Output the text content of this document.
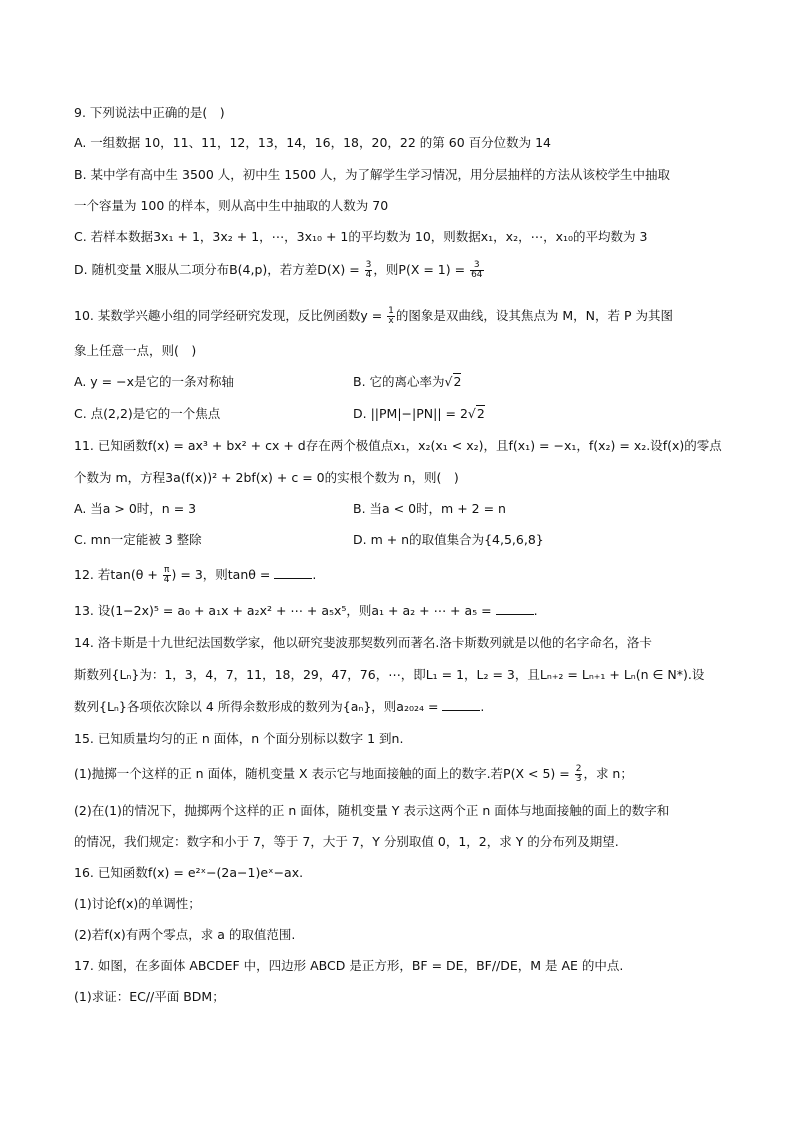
9. 下列说法中正确的是(　)
A. 一组数据 10，11、11，12，13，14，16，18，20，22 的第 60 百分位数为 14
B. 某中学有高中生 3500 人，初中生 1500 人，为了解学生学习情况，用分层抽样的方法从该校学生中抽取
一个容量为 100 的样本，则从高中生中抽取的人数为 70
C. 若样本数据3x₁ + 1，3x₂ + 1，⋯，3x₁₀ + 1的平均数为 10，则数据x₁，x₂，⋯，x₁₀的平均数为 3
D. 随机变量 X服从二项分布B(4,p)，若方差$D(X) = \frac{3}{4}$ ，则$P(X = 1) = \frac{3}{64}$
10. 某数学兴趣小组的同学经研究发现，反比例函数$y = \frac{1}{x}$ 的图象是双曲线，设其焦点为 M，N，若 P 为其图
象上任意一点，则(　)
A. y = −x是它的一条对称轴	B. 它的离心率为√2
C. 点(2,2)是它的一个焦点	D. ||PM|−|PN|| = 2√2
11. 已知函数f(x) = ax³ + bx² + cx + d存在两个极值点x₁，x₂(x₁ < x₂)，且f(x₁) = −x₁，f(x₂) = x₂.设f(x)的零点
个数为 m，方程3a(f(x))² + 2bf(x) + c = 0的实根个数为 n，则(　)
A. 当a > 0时，n = 3	B. 当a < 0时，m + 2 = n
C. mn一定能被 3 整除	D. m + n的取值集合为{4,5,6,8}
12. 若$\tan(\theta + \frac{\pi}{4}$ ) = 3，则tanθ =	.
13. 设(1−2x)⁵ = a₀ + a₁x + a₂x² + ⋯ + a₅x⁵，则a₁ + a₂ + ⋯ + a₅ =	.
14. 洛卡斯是十九世纪法国数学家，他以研究斐波那契数列而著名.洛卡斯数列就是以他的名字命名，洛卡
斯数列{Lₙ}为：1，3，4，7，11，18，29，47，76，⋯，即L₁ = 1，L₂ = 3，且Lₙ₊₂ = Lₙ₊₁ + Lₙ(n ∈ N*).设
数列{Lₙ}各项依次除以 4 所得余数形成的数列为{aₙ}，则a₂₀₂₄ =	.
15. 已知质量均匀的正 n 面体，n 个面分别标以数字 1 到n.
(1)抛掷一个这样的正 n 面体，随机变量 X 表示它与地面接触的面上的数字.若$P(X < 5) = \frac{2}{3}$ ，求 n；
(2)在(1)的情况下，抛掷两个这样的正 n 面体，随机变量 Y 表示这两个正 n 面体与地面接触的面上的数字和
的情况，我们规定：数字和小于 7，等于 7，大于 7，Y 分别取值 0，1，2，求 Y 的分布列及期望.
16. 已知函数f(x) = e²ˣ−(2a−1)eˣ−ax.
(1)讨论f(x)的单调性；
(2)若f(x)有两个零点，求 a 的取值范围.
17. 如图，在多面体 ABCDEF 中，四边形 ABCD 是正方形，BF = DE，BF//DE，M 是 AE 的中点.
(1)求证：EC//平面 BDM；
